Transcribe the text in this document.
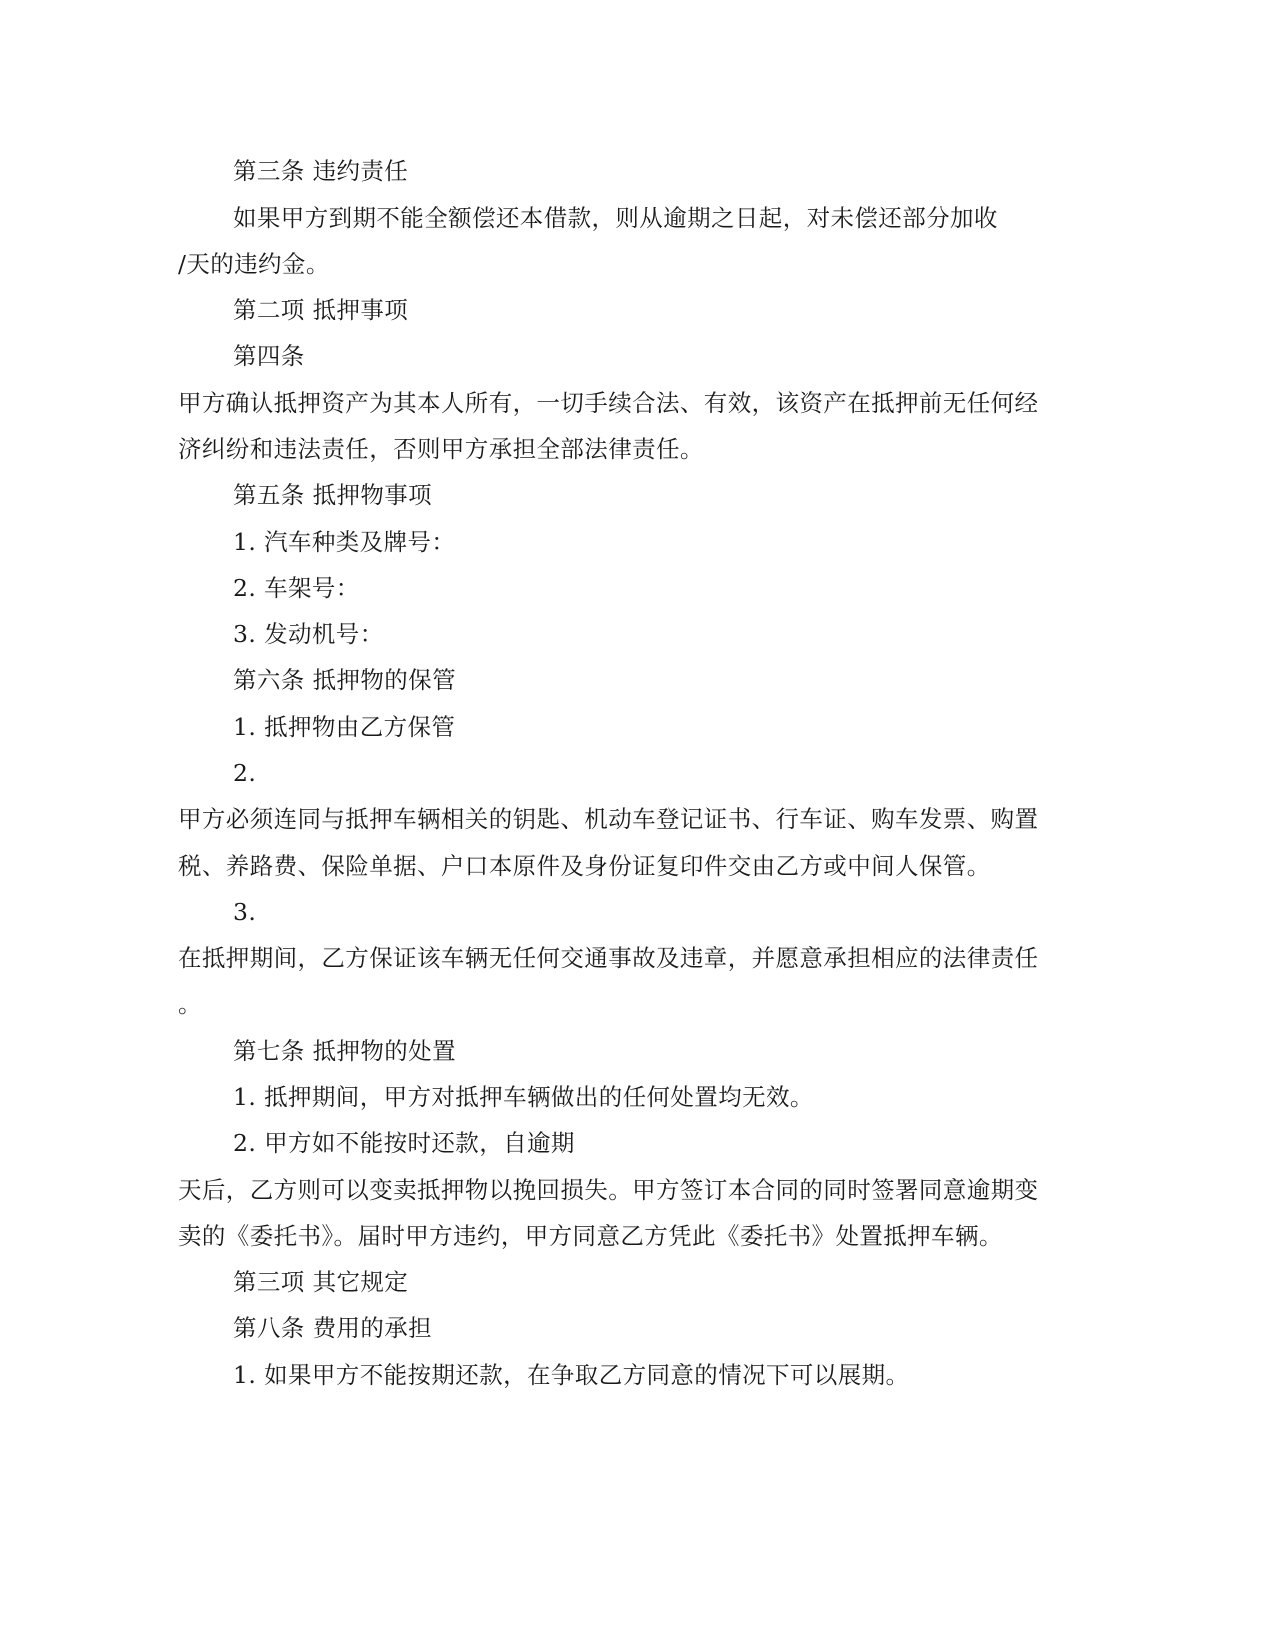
第三条 违约责任
如果甲方到期不能全额偿还本借款，则从逾期之日起，对未偿还部分加收
/天的违约金。
第二项 抵押事项
第四条
甲方确认抵押资产为其本人所有，一切手续合法、有效，该资产在抵押前无任何经
济纠纷和违法责任，否则甲方承担全部法律责任。
第五条 抵押物事项
1. 汽车种类及牌号：
2. 车架号：
3. 发动机号：
第六条 抵押物的保管
1. 抵押物由乙方保管
2.
甲方必须连同与抵押车辆相关的钥匙、机动车登记证书、行车证、购车发票、购置
税、养路费、保险单据、户口本原件及身份证复印件交由乙方或中间人保管。
3.
在抵押期间，乙方保证该车辆无任何交通事故及违章，并愿意承担相应的法律责任
。
第七条 抵押物的处置
1. 抵押期间，甲方对抵押车辆做出的任何处置均无效。
2. 甲方如不能按时还款，自逾期
天后，乙方则可以变卖抵押物以挽回损失。甲方签订本合同的同时签署同意逾期变
卖的《委托书》。届时甲方违约，甲方同意乙方凭此《委托书》处置抵押车辆。
第三项 其它规定
第八条 费用的承担
1. 如果甲方不能按期还款，在争取乙方同意的情况下可以展期。
